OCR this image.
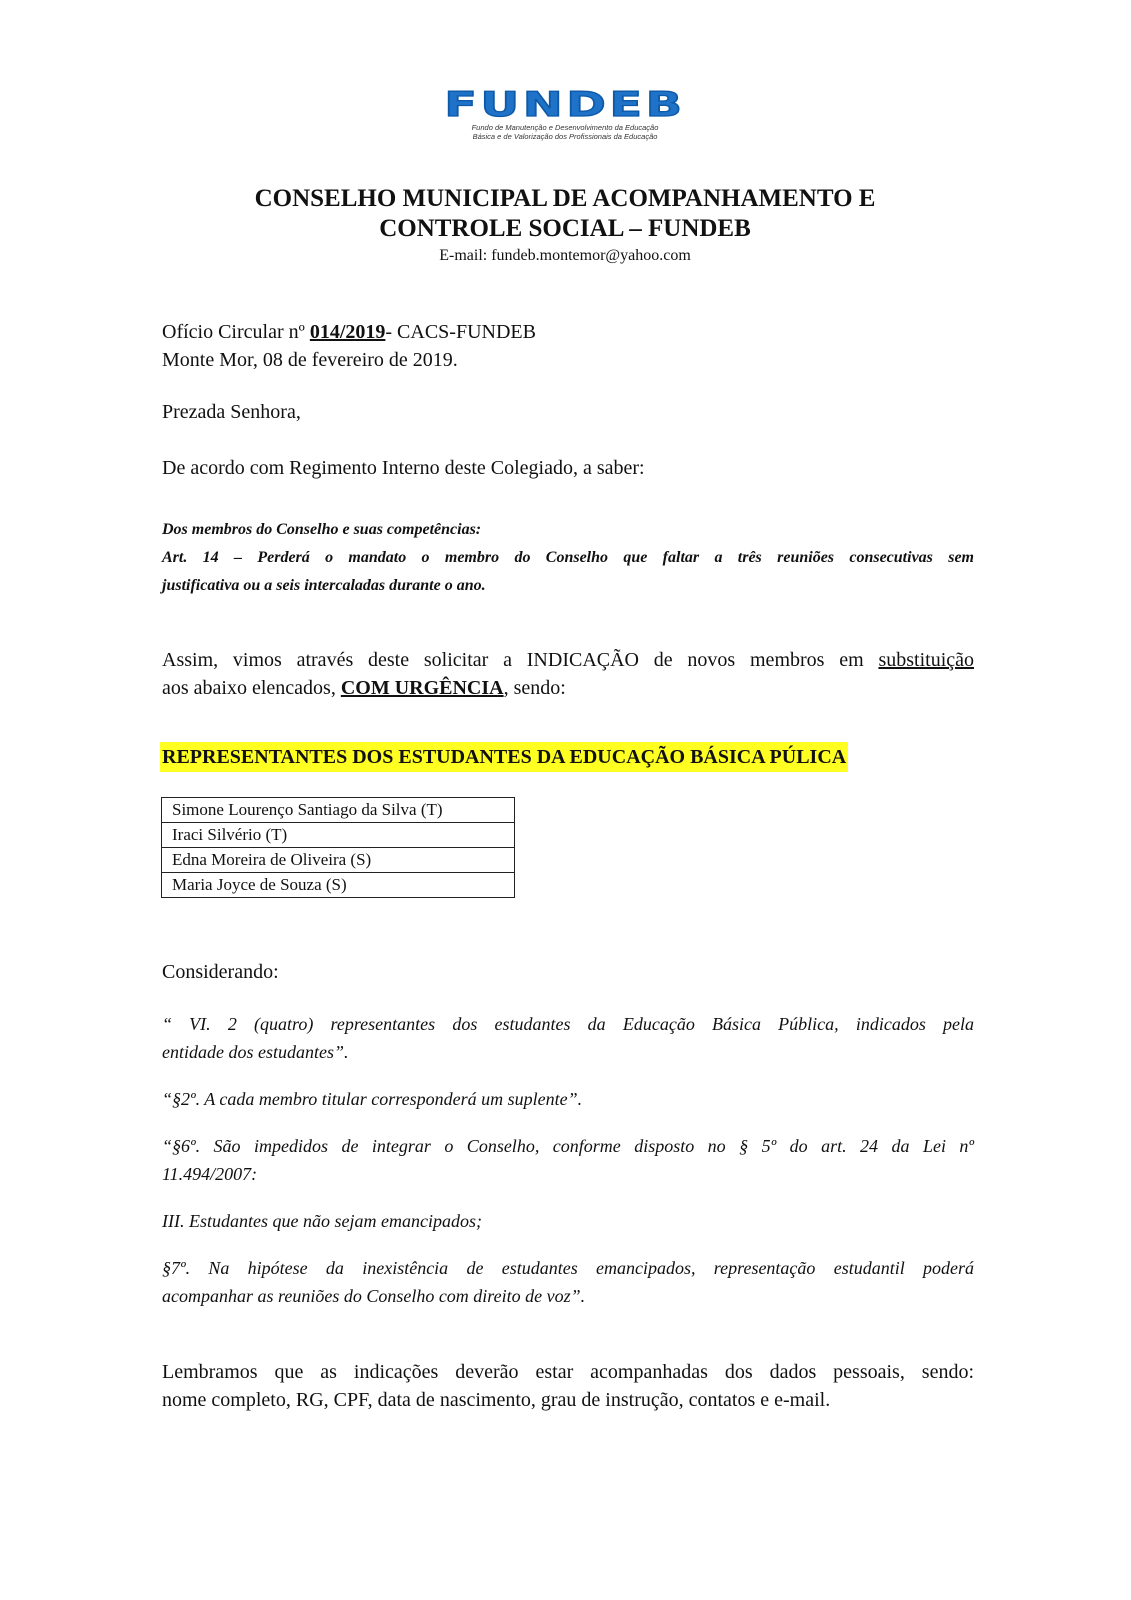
FUNDEB
Fundo de Manutenção e Desenvolvimento da Educação
Básica e de Valorização dos Profissionais da Educação
CONSELHO MUNICIPAL DE ACOMPANHAMENTO E
CONTROLE SOCIAL – FUNDEB
E-mail: fundeb.montemor@yahoo.com
Ofício Circular nº 014/2019- CACS-FUNDEB
Monte Mor, 08 de fevereiro de 2019.
Prezada Senhora,
De acordo com Regimento Interno deste Colegiado, a saber:
Dos membros do Conselho e suas competências:
Art. 14 – Perderá o mandato o membro do Conselho que faltar a três reuniões consecutivas sem
justificativa ou a seis intercaladas durante o ano.
Assim, vimos através deste solicitar a INDICAÇÃO de novos membros em substituição
aos abaixo elencados, COM URGÊNCIA, sendo:
REPRESENTANTES DOS ESTUDANTES DA EDUCAÇÃO BÁSICA PÚLICA
Simone Lourenço Santiago da Silva (T)
Iraci Silvério (T)
Edna Moreira de Oliveira (S)
Maria Joyce de Souza (S)
Considerando:
“ VI. 2 (quatro) representantes dos estudantes da Educação Básica Pública, indicados pela
entidade dos estudantes”.
“§2º. A cada membro titular corresponderá um suplente”.
“§6º. São impedidos de integrar o Conselho, conforme disposto no § 5º do art. 24 da Lei nº
11.494/2007:
III. Estudantes que não sejam emancipados;
§7º. Na hipótese da inexistência de estudantes emancipados, representação estudantil poderá
acompanhar as reuniões do Conselho com direito de voz”.
Lembramos que as indicações deverão estar acompanhadas dos dados pessoais, sendo:
nome completo, RG, CPF, data de nascimento, grau de instrução, contatos e e-mail.
